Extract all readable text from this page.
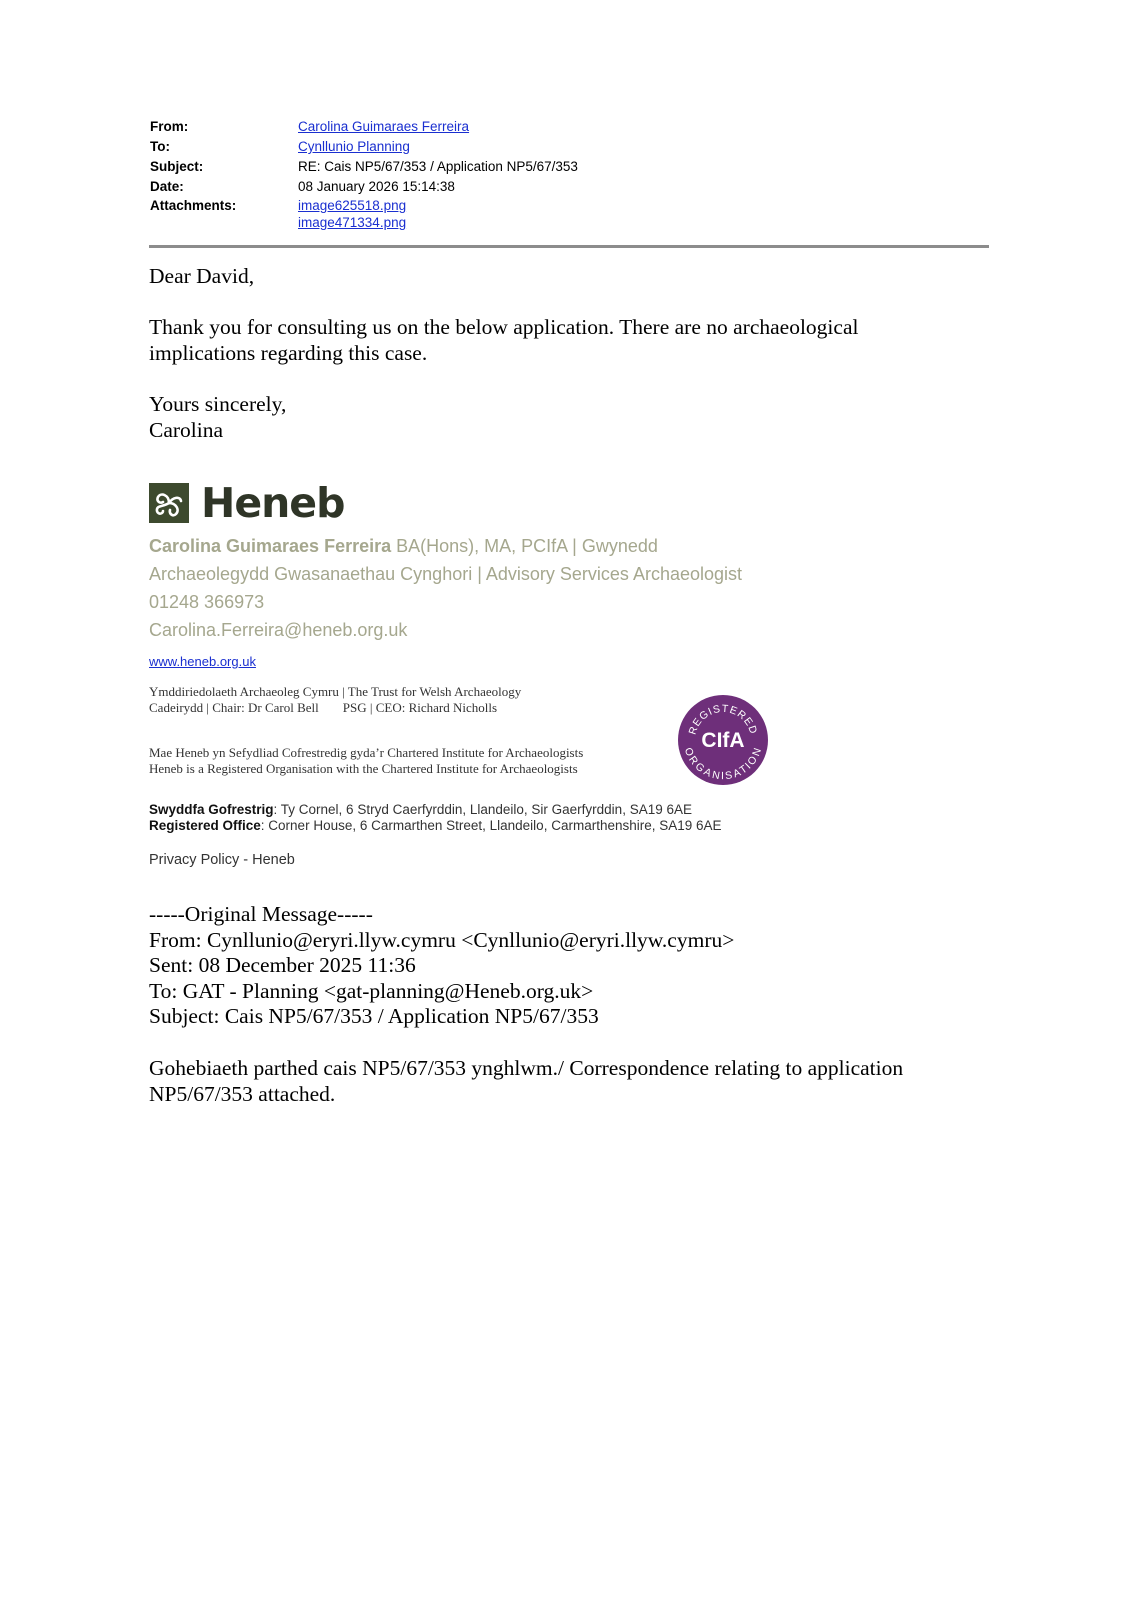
From:	Carolina Guimaraes Ferreira
To:	Cynllunio Planning
Subject:	RE: Cais NP5/67/353 / Application NP5/67/353
Date:	08 January 2026 15:14:38
Attachments:	image625518.png
image471334.png
Dear David,
Thank you for consulting us on the below application. There are no archaeological
implications regarding this case.
Yours sincerely,
Carolina
Heneb
Carolina Guimaraes Ferreira BA(Hons), MA, PCIfA | Gwynedd
Archaeolegydd Gwasanaethau Cynghori | Advisory Services Archaeologist
01248 366973
Carolina.Ferreira@heneb.org.uk
www.heneb.org.uk
Ymddiriedolaeth Archaeoleg Cymru | The Trust for Welsh Archaeology
Cadeirydd | Chair: Dr Carol Bell PSG | CEO: Richard Nicholls
Mae Heneb yn Sefydliad Cofrestredig gyda’r Chartered Institute for Archaeologists
Heneb is a Registered Organisation with the Chartered Institute for Archaeologists
REGISTERED
CIfA
ORGANISATION
Swyddfa Gofrestrig: Ty Cornel, 6 Stryd Caerfyrddin, Llandeilo, Sir Gaerfyrddin, SA19 6AE
Registered Office: Corner House, 6 Carmarthen Street, Llandeilo, Carmarthenshire, SA19 6AE
Privacy Policy - Heneb
-----Original Message-----
From: Cynllunio@eryri.llyw.cymru <Cynllunio@eryri.llyw.cymru>
Sent: 08 December 2025 11:36
To: GAT - Planning <gat-planning@Heneb.org.uk>
Subject: Cais NP5/67/353 / Application NP5/67/353
Gohebiaeth parthed cais NP5/67/353 ynghlwm./ Correspondence relating to application
NP5/67/353 attached.
